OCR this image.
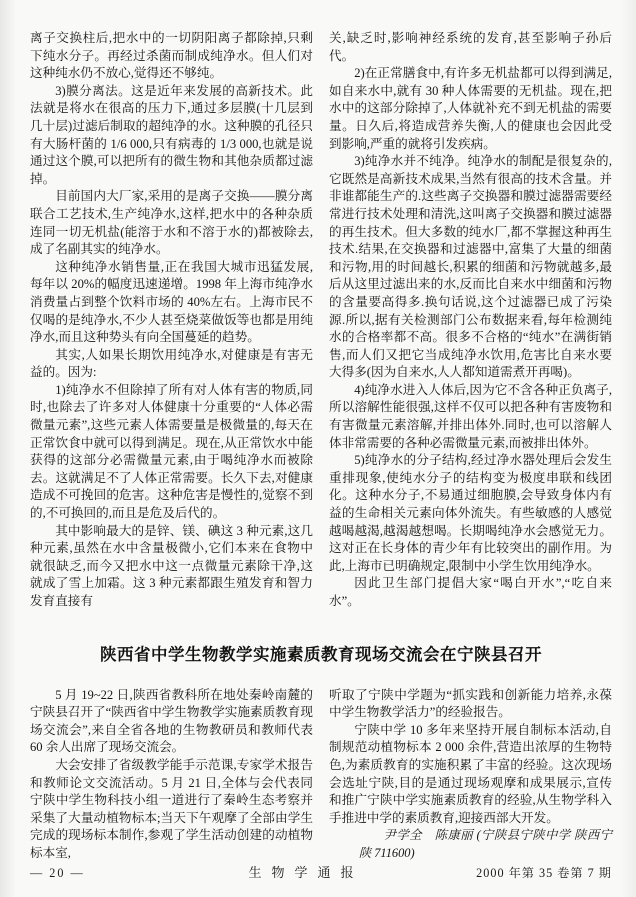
离子交换柱后,把水中的一切阴阳离子都除掉,只剩下纯水分子。再经过杀菌而制成纯净水。但人们对这种纯水仍不放心,觉得还不够纯。

3)膜分离法。这是近年来发展的高新技术。此法就是将水在很高的压力下,通过多层膜(十几层到几十层)过滤后制取的超纯净的水。这种膜的孔径只有大肠杆菌的 1/6 000,只有病毒的 1/3 000,也就是说通过这个膜,可以把所有的微生物和其他杂质都过滤掉。

目前国内大厂家,采用的是离子交换——膜分离联合工艺技术,生产纯净水,这样,把水中的各种杂质连同一切无机盐(能溶于水和不溶于水的)都被除去,成了名副其实的纯净水。

这种纯净水销售量,正在我国大城市迅猛发展,每年以 20%的幅度迅速递增。1998 年上海市纯净水消费量占到整个饮料市场的 40%左右。上海市民不仅喝的是纯净水,不少人甚至烧菜做饭等也都是用纯净水,而且这种势头有向全国蔓延的趋势。

其实,人如果长期饮用纯净水,对健康是有害无益的。因为:

1)纯净水不但除掉了所有对人体有害的物质,同时,也除去了许多对人体健康十分重要的“人体必需微量元素”,这些元素人体需要量是极微量的,每天在正常饮食中就可以得到满足。现在,从正常饮水中能获得的这部分必需微量元素,由于喝纯净水而被除去。这就满足不了人体正常需要。长久下去,对健康造成不可挽回的危害。这种危害是慢性的,觉察不到的,不可换回的,而且是危及后代的。

其中影响最大的是锌、镁、碘这 3 种元素,这几种元素,虽然在水中含量极微小,它们本来在食物中就很缺乏,而今又把水中这一点微量元素除干净,这就成了雪上加霜。这 3 种元素都跟生殖发育和智力发育直接有

关,缺乏时,影响神经系统的发育,甚至影响子孙后代。

2)在正常膳食中,有许多无机盐都可以得到满足,如自来水中,就有 30 种人体需要的无机盐。现在,把水中的这部分除掉了,人体就补充不到无机盐的需要量。日久后,将造成营养失衡,人的健康也会因此受到影响,严重的就将引发疾病。

3)纯净水并不纯净。纯净水的制配是很复杂的,它既然是高新技术成果,当然有很高的技术含量。并非谁都能生产的.这些离子交换器和膜过滤器需要经常进行技术处理和清洗,这叫离子交换器和膜过滤器的再生技术。但大多数的纯水厂,都不掌握这种再生技术.结果,在交换器和过滤器中,富集了大量的细菌和污物,用的时间越长,积累的细菌和污物就越多,最后从这里过滤出来的水,反而比自来水中细菌和污物的含量要高得多.换句话说,这个过滤器已成了污染源.所以,据有关检测部门公布数据来看,每年检测纯水的合格率都不高。很多不合格的“纯水”在满街销售,而人们又把它当成纯净水饮用,危害比自来水要大得多(因为自来水,人人都知道需煮开再喝)。

4)纯净水进入人体后,因为它不含各种正负离子,所以溶解性能很强,这样不仅可以把各种有害废物和有害微量元素溶解,并排出体外.同时,也可以溶解人体非常需要的各种必需微量元素,而被排出体外。

5)纯净水的分子结构,经过净水器处理后会发生重排现象,使纯水分子的结构变为极度串联和线团化。这种水分子,不易通过细胞膜,会导致身体内有益的生命相关元素向体外流失。有些敏感的人感觉越喝越渴,越渴越想喝。长期喝纯净水会感觉无力。这对正在长身体的青少年有比较突出的副作用。为此,上海市已明确规定,限制中小学生饮用纯净水。

因此卫生部门提倡大家“喝白开水”,“吃自来水”。

陕西省中学生物教学实施素质教育现场交流会在宁陕县召开

5 月 19~22 日,陕西省教科所在地处秦岭南麓的宁陕县召开了“陕西省中学生物教学实施素质教育现场交流会”,来自全省各地的生物教研员和教师代表 60 余人出席了现场交流会。

大会安排了省级教学能手示范课,专家学术报告和教师论文交流活动。5 月 21 日,全体与会代表同宁陕中学生物科技小组一道进行了秦岭生态考察并采集了大量动植物标本;当天下午观摩了全部由学生完成的现场标本制作,参观了学生活动创建的动植物标本室,

听取了宁陕中学题为“抓实践和创新能力培养,永葆中学生物教学活力”的经验报告。

宁陕中学 10 多年来坚持开展自制标本活动,自制规范动植物标本 2 000 余件,营造出浓厚的生物特色,为素质教育的实施积累了丰富的经验。这次现场会选址宁陕,目的是通过现场观摩和成果展示,宣传和推广宁陕中学实施素质教育的经验,从生物学科入手推进中学的素质教育,迎接西部大开发。

尹学全　陈康丽 (宁陕县宁陕中学 陕西宁陕 711600)

— 20 —	生物学通报	2000 年第 35 卷第 7 期
